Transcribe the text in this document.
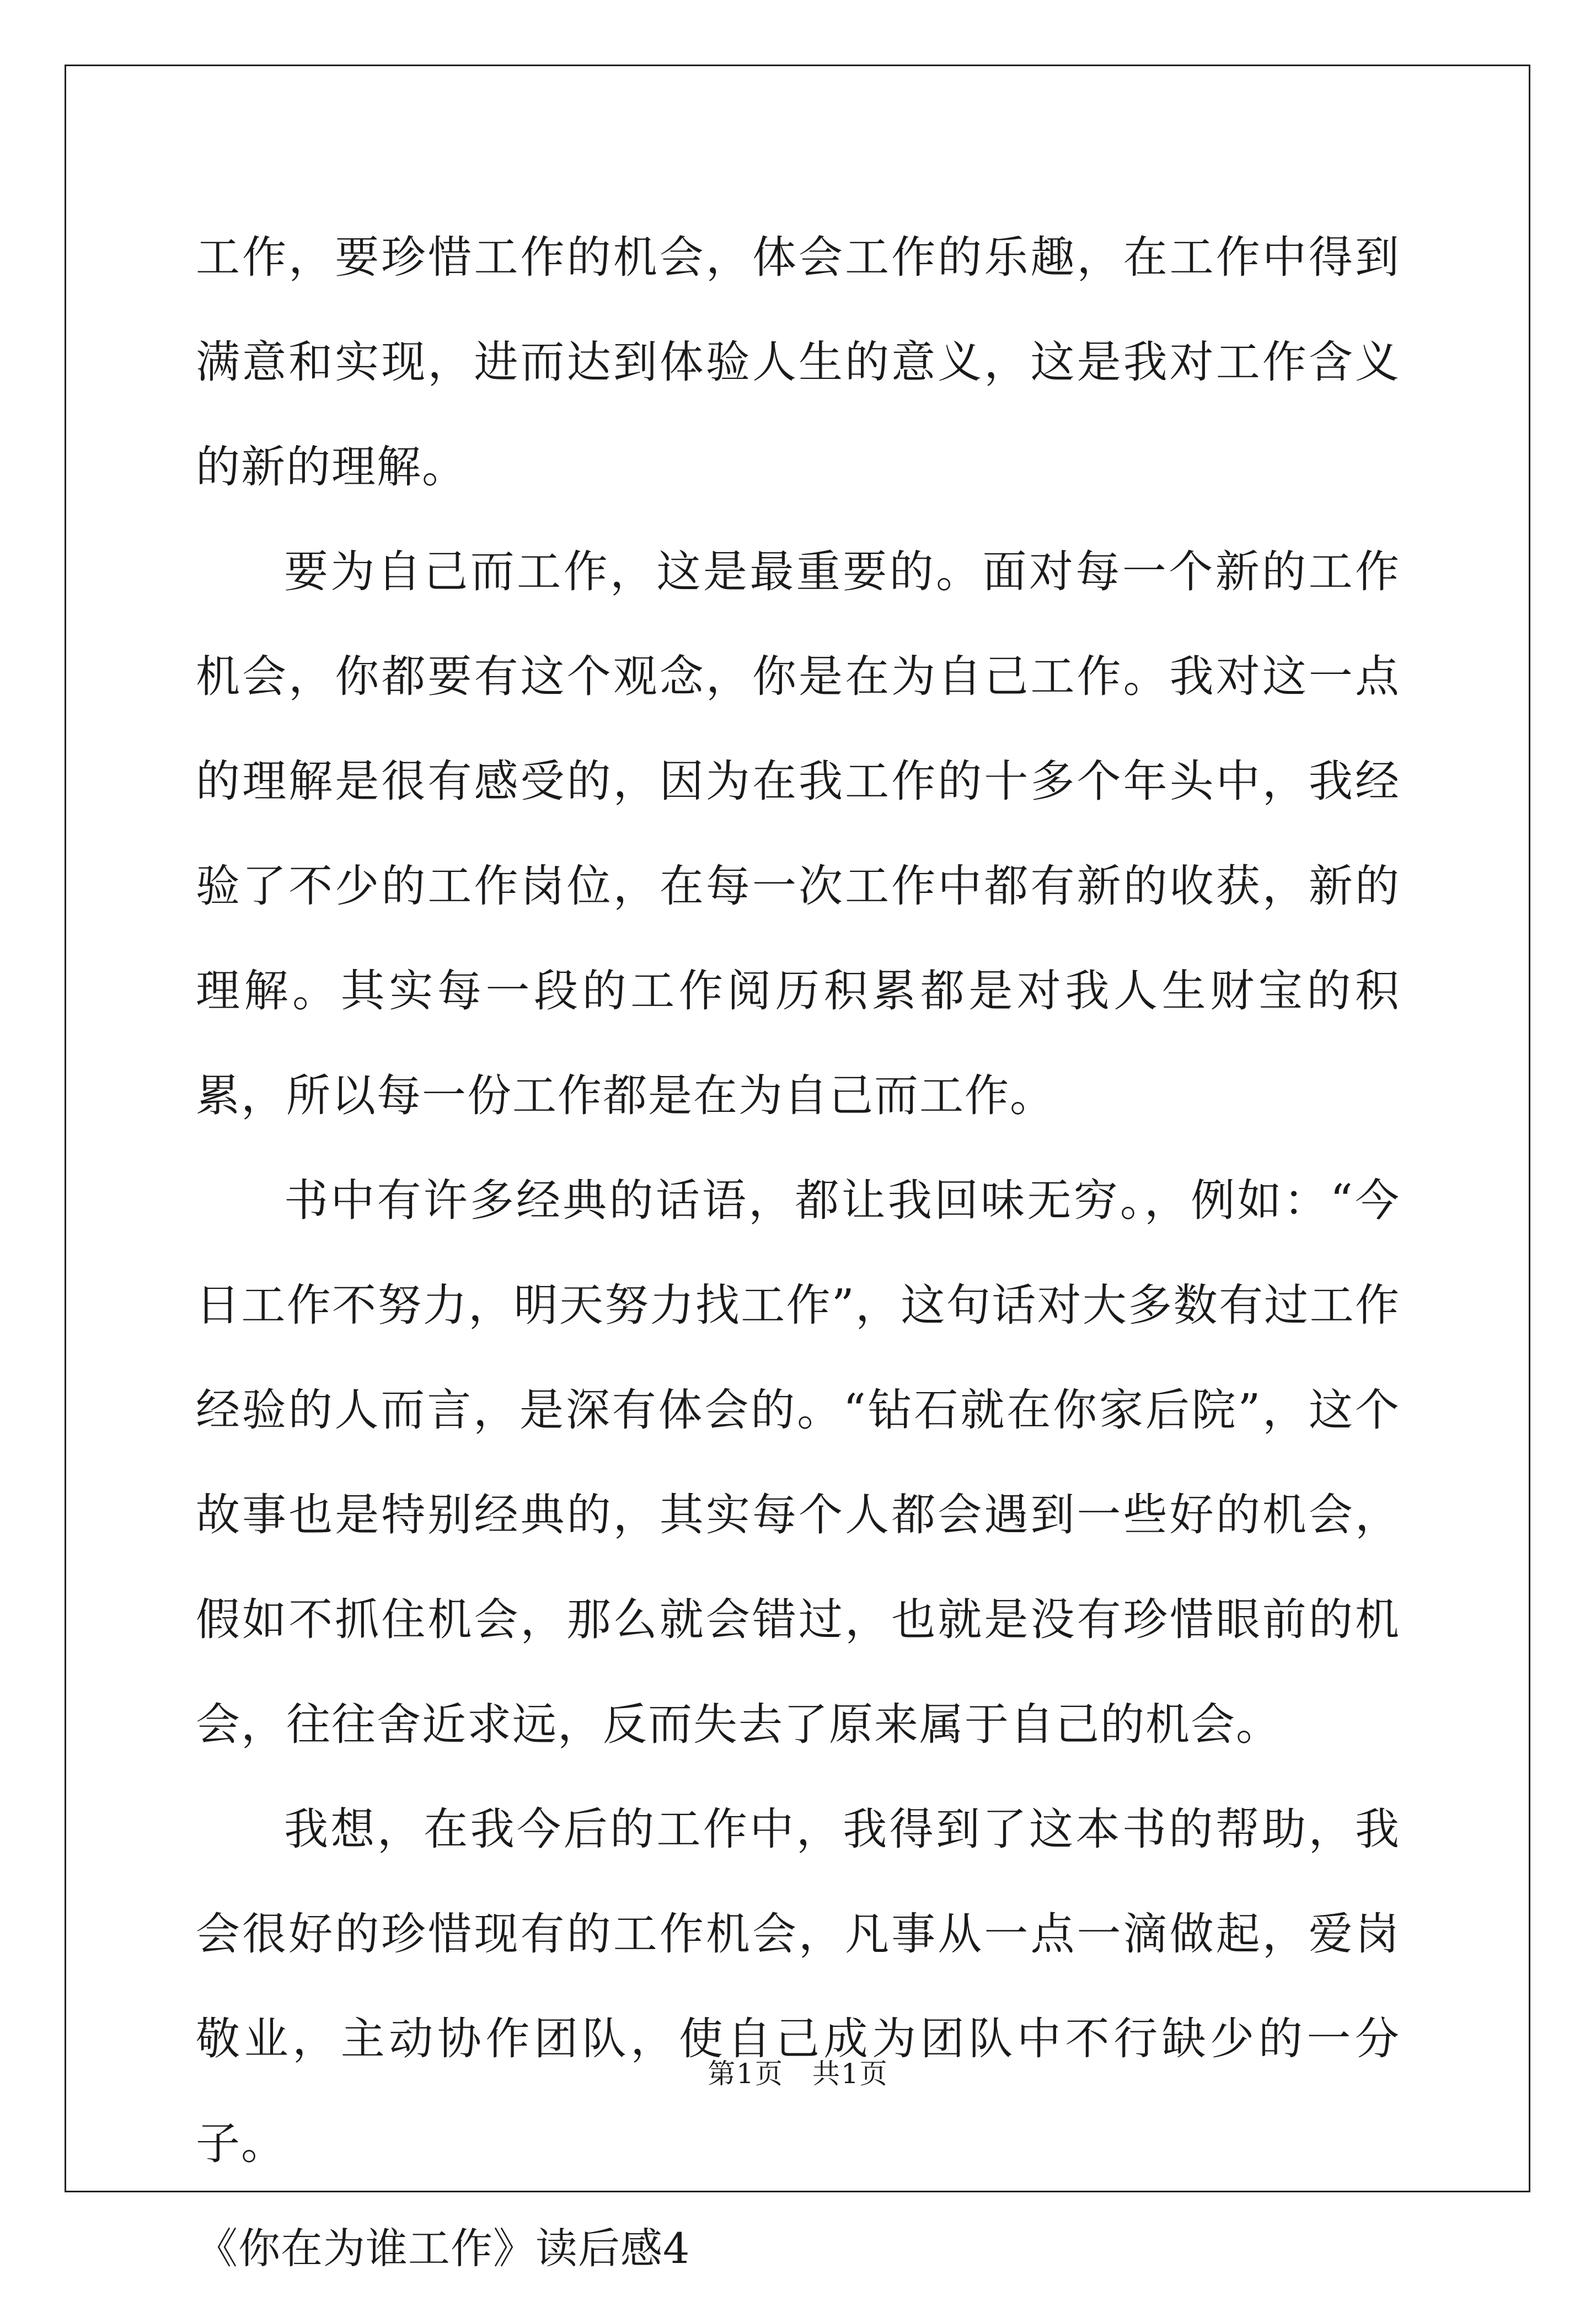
工作，要珍惜工作的机会，体会工作的乐趣，在工作中得到满意和实现，进而达到体验人生的意义，这是我对工作含义的新的理解。

要为自己而工作，这是最重要的。面对每一个新的工作机会，你都要有这个观念，你是在为自己工作。我对这一点的理解是很有感受的，因为在我工作的十多个年头中，我经验了不少的工作岗位，在每一次工作中都有新的收获，新的理解。其实每一段的工作阅历积累都是对我人生财宝的积累，所以每一份工作都是在为自己而工作。

书中有许多经典的话语，都让我回味无穷。，例如：“今日工作不努力，明天努力找工作”，这句话对大多数有过工作经验的人而言，是深有体会的。“钻石就在你家后院”，这个故事也是特别经典的，其实每个人都会遇到一些好的机会，假如不抓住机会，那么就会错过，也就是没有珍惜眼前的机会，往往舍近求远，反而失去了原来属于自己的机会。

我想，在我今后的工作中，我得到了这本书的帮助，我会很好的珍惜现有的工作机会，凡事从一点一滴做起，爱岗敬业，主动协作团队，使自己成为团队中不行缺少的一分子。

《你在为谁工作》读后感4

第1页　共1页
